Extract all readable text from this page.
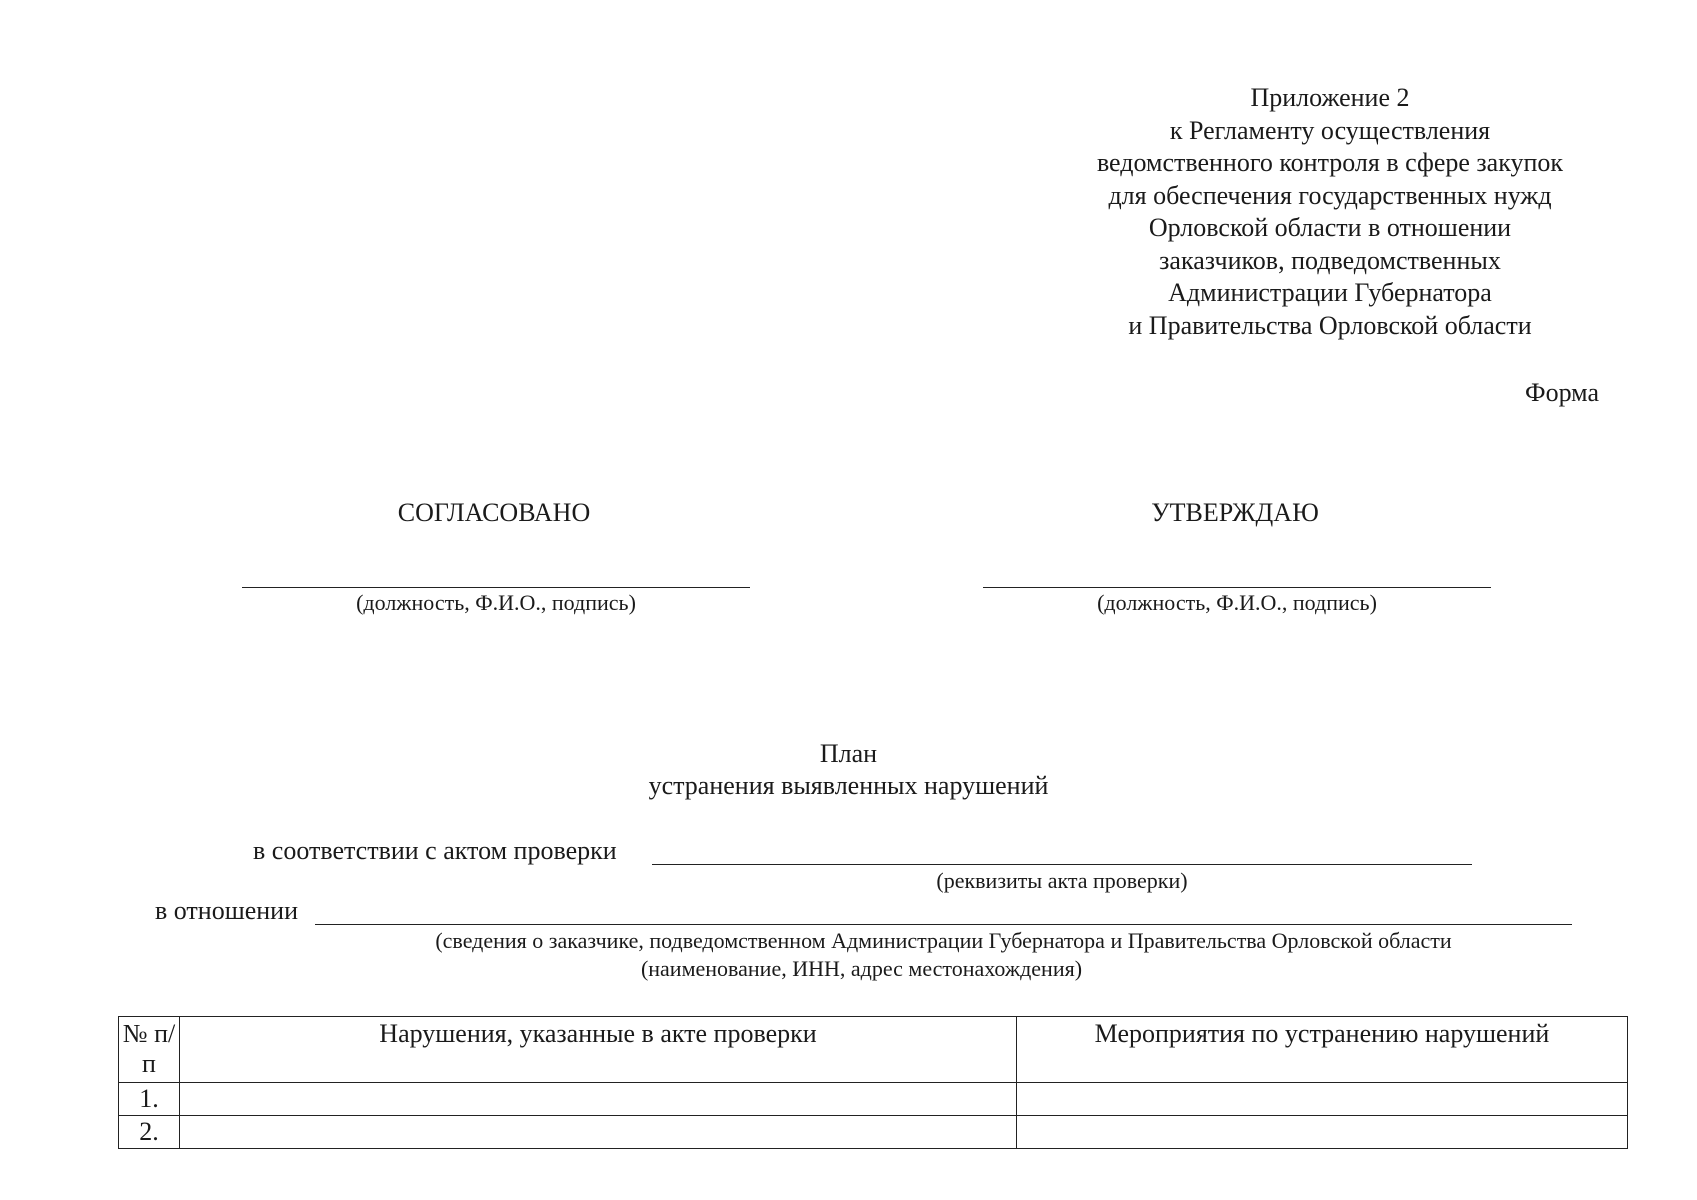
Приложение 2
к Регламенту осуществления
ведомственного контроля в сфере закупок
для обеспечения государственных нужд
Орловской области в отношении
заказчиков, подведомственных
Администрации Губернатора
и Правительства Орловской области
Форма
СОГЛАСОВАНО
(должность, Ф.И.О., подпись)
УТВЕРЖДАЮ
(должность, Ф.И.О., подпись)
План
устранения выявленных нарушений
в соответствии с актом проверки
(реквизиты акта проверки)
в отношении
(сведения о заказчике, подведомственном Администрации Губернатора и Правительства Орловской области
(наименование, ИНН, адрес местонахождения)
№ п/п	Нарушения, указанные в акте проверки	Мероприятия по устранению нарушений

1.		
2.		
